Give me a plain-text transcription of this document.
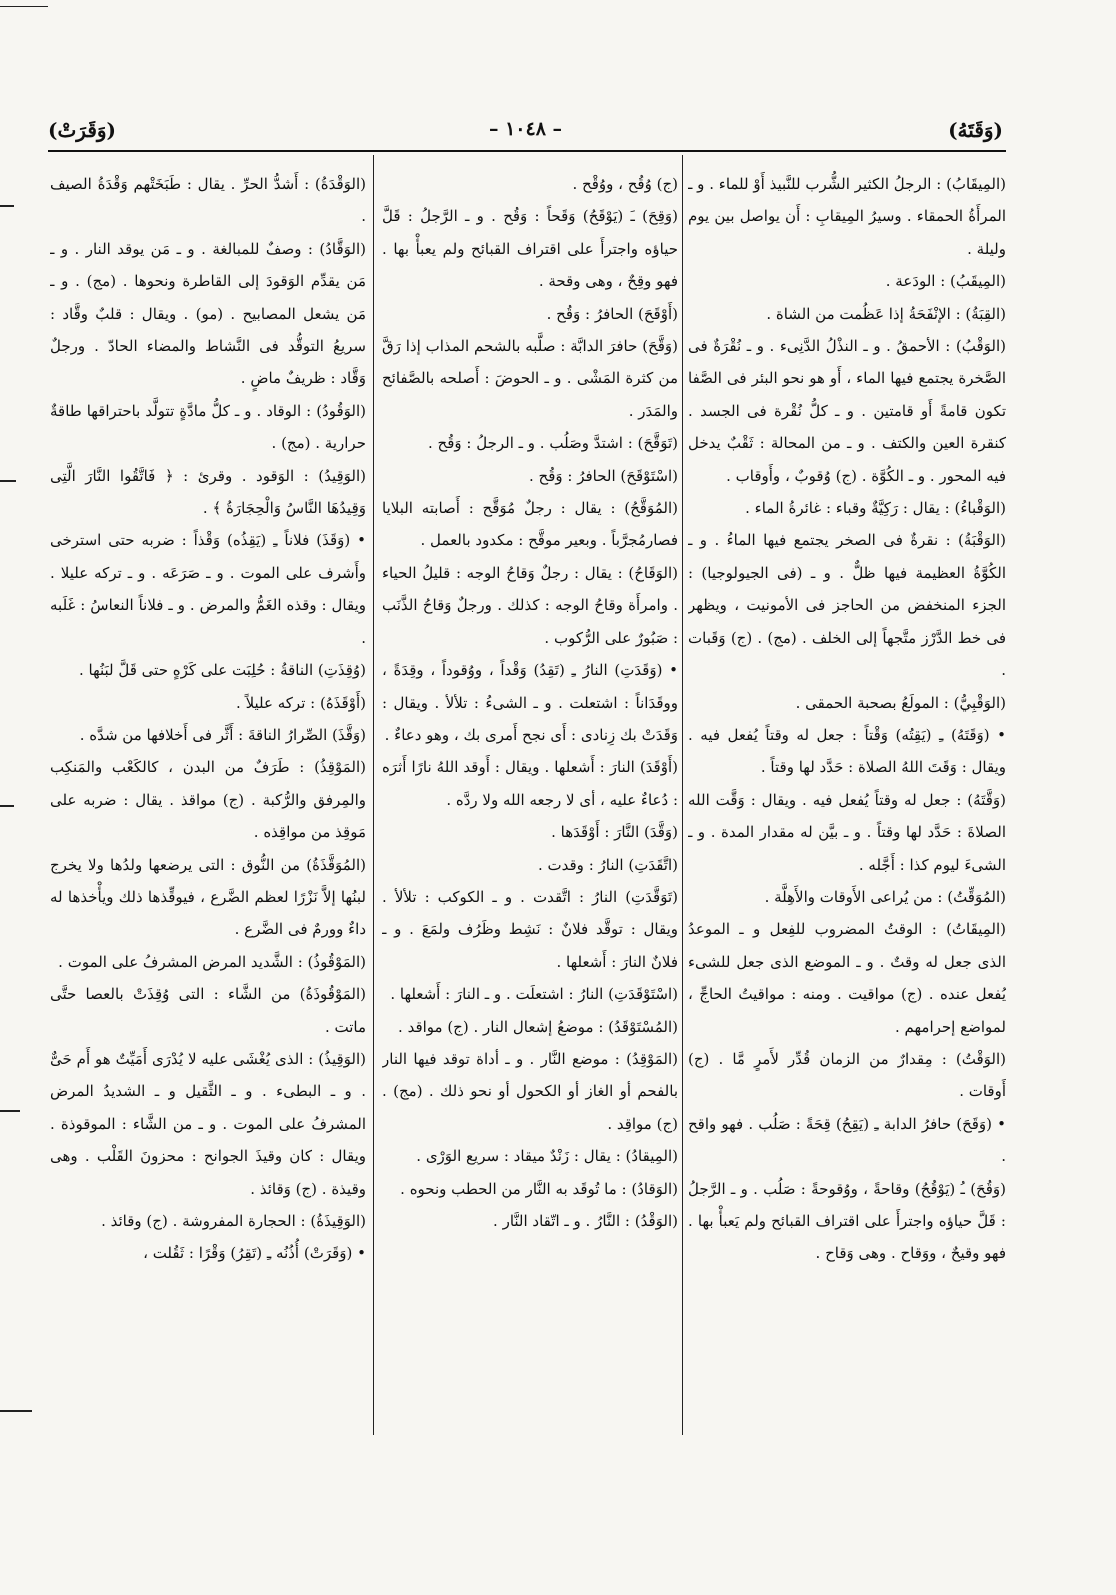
(وَقَتَهُ)
– ١٠٤٨ –
(وَقَرَتْ)

(المِيقَابُ) : الرجلُ الكثير الشُّرب للنَّبيذ أَوْ للماء . و ـ المرأَةُ الحمقاء . وسيرُ المِيقابِ : أَن يواصل بين يوم وليلة .

(المِيقَبُ) : الودَعة .

(القِبَةُ) : الإنْفَحَةُ إذا عَظُمت من الشاة .

(الوَقْبُ) : الأحمقُ . و ـ النذْلُ الدَّنِىء . و ـ نُقْرَةٌ فى الصَّخرة يجتمع فيها الماء ، أَو هو نحو البئر فى الصَّفا تكون قامةً أَو قامتين . و ـ كلُّ نُقْرة فى الجسد . كنقرة العين والكتف . و ـ من المحالة : ثَقْبٌ يدخل فيه المحور . و ـ الكُوَّة . (ج) وُقوبٌ ، وأَوقاب .

(الوَقْباءُ) : يقال : رَكِيَّةٌ وقباء : غائرةُ الماء .

(الوَقْبَةُ) : نقرةٌ فى الصخر يجتمع فيها الماءُ . و ـ الكُوَّةُ العظيمة فيها ظلٌّ . و ـ (فى الجيولوجيا) : الجزء المنخفض من الحاجز فى الأمونيت ، ويظهر فى خط الدَّرْز متَّجهاً إلى الخلف . (مج) . (ج) وَقَبات .

(الوَقْبِيُّ) : المولَعُ بصحبة الحمقى .

• (وَقَتَهُ) ـِ (يَقِتُه) وَقْتاً : جعل له وقتاً يُفعل فيه . ويقال : وَقَتَ اللهُ الصلاة : حَدَّد لها وقتاً .

(وَقَّتَهُ) : جعل له وقتاً يُفعل فيه . ويقال : وَقَّت الله الصلاةَ : حَدَّد لها وقتاً . و ـ بيَّن له مقدار المدة . و ـ الشىءَ ليوم كذا : أَجَّله .

(المُوَقِّتُ) : من يُراعى الأَوقات والأَهِلَّة .

(المِيقَاتُ) : الوقتُ المضروب للفِعل و ـ الموعدُ الذى جعل له وقتٌ . و ـ الموضع الذى جعل للشىء يُفعل عنده . (ج) مواقيت . ومنه : مواقيتُ الحاجِّ ، لمواضع إحرامهم .

(الوَقْتُ) : مِقدارٌ من الزمان قُدِّر لأَمرٍ مَّا . (ج) أَوقات .

• (وَقَحَ) حافرُ الدابة ـِ (يَقِحُ) قِحَةً : صَلُب . فهو واقح .

(وَقُحَ) ـُ (يَوْقُحُ) وقاحةً ، ووُقوحةً : صَلُب . و ـ الرَّجلُ : قَلَّ حياؤه واجترأَ على اقتراف القبائح ولم يَعبأْ بها . فهو وقيحٌ ، ووَقاح . وهى وَقاح .

(ج) وُقُح ، ووُقْح .

(وَقِحَ) ـَ (يَوْقَحُ) وَقَحاً : وَقُح . و ـ الرَّجلُ : قَلَّ حياؤه واجترأَ على اقتراف القبائح ولم يعبأْ بها . فهو وقِحٌ ، وهى وقحة .

(أَوْقَحَ) الحافرُ : وَقُح .

(وَقَّحَ) حافرَ الدابَّة : صلَّبه بالشحم المذاب إذا رَقَّ من كثرة المَشْى . و ـ الحوضَ : أَصلحه بالصَّفائح والمَدَر .

(تَوَقَّحَ) : اشتدَّ وصَلُب . و ـ الرجلُ : وَقُح .

(اسْتَوْقَحَ) الحافرُ : وَقُح .

(المُوَقَّحُ) : يقال : رجلٌ مُوَقَّح : أَصابته البلايا فصارمُجرَّباً . وبعير موقَّح : مكدود بالعمل .

(الوَقَاحُ) : يقال : رجلٌ وَقاحُ الوجه : قليلُ الحياء . وامرأَة وقاحُ الوجه : كذلك . ورجلٌ وَقاحُ الذَّنَب : صَبُورٌ على الرُّكوب .

• (وَقَدَتِ) النارُ ـِ (تَقِدُ) وَقْداً ، ووُقوداً ، وقِدَةً ، ووقَدَاناً : اشتعلت . و ـ الشىءُ : تلألأ . ويقال : وَقَدَتْ بك زِنادى : أَى نجح أَمرى بك ، وهو دعاءٌ .

(أَوْقَدَ) النارَ : أَشعلها . ويقال : أَوقد اللهُ نارًا أَثرَه : دُعاءٌ عليه ، أى لا رجعه الله ولا ردَّه .

(وَقَّدَ) النَّارَ : أَوْقَدَها .

(اتَّقَدَتِ) النارُ : وقدت .

(تَوَقَّدَتِ) النارُ : اتَّقدت . و ـ الكوكب : تلألأ . ويقال : توقَّد فلانٌ : نَشِط وظَرُف ولمَعَ . و ـ فلانٌ النارَ : أَشعلها .

(اسْتَوْقَدَتِ) النارُ : اشتعلَت . و ـ النارَ : أَشعلها .

(المُسْتَوْقَدُ) : موضعُ إشعال النار . (ج) مواقد .

(المَوْقِدُ) : موضع النَّار . و ـ أداة توقد فيها النار بالفحم أو الغاز أو الكحول أو نحو ذلك . (مج) . (ج) مواقِد .

(المِيقادُ) : يقال : زَنْدٌ ميقاد : سريع الوَرْى .

(الوَقادُ) : ما تُوقَد به النَّار من الحطب ونحوه .

(الوَقْدُ) : النَّارُ . و ـ اتّقاد النَّار .

(الوَقْدَةُ) : أَشدُّ الحرِّ . يقال : طَبَخَتْهم وَقْدَةُ الصيف .

(الوَقَّادُ) : وصفٌ للمبالغة . و ـ مَن يوقد النار . و ـ مَن يقدِّم الوَقودَ إلى القاطرة ونحوها . (مج) . و ـ مَن يشعل المصابيح . (مو) . ويقال : قلبٌ وقَّاد : سريعُ التوقُّد فى النَّشاط والمضاء الحادّ . ورجلٌ وَقَّاد : ظريفٌ ماضٍ .

(الوَقُودُ) : الوقاد . و ـ كلُّ مادَّةٍ تتولَّد باحتراقها طاقةٌ حرارية . (مج) .

(الوَقِيدُ) : الوَقود . وقرئ : ﴿ فَاتَّقُوا النَّارَ الَّتِى وَقِيدُهَا النَّاسُ وَالْحِجَارَةُ ﴾ .

• (وَقَذَ) فلاناً ـِ (يَقِذُه) وَقْذاً : ضربه حتى استرخى وأَشرف على الموت . و ـ صَرَعَه . و ـ تركه عليلا . ويقال : وقذه الغَمُّ والمرض . و ـ فلاناً النعاسُ : غَلَبه .

(وُقِذَتِ) الناقةُ : حُلِبَت على كَرْهٍ حتى قَلَّ لبَنُها .

(أَوْقَذَهُ) : تركه عليلاً .

(وَقَّذَ) الصِّرارُ الناقةَ : أَثَّر فى أَخلافها من شدَّه .

(المَوْقِذُ) : طَرَفٌ من البدن ، كالكَعْب والمَنكِب والمِرفق والرُّكبة . (ج) مواقذ . يقال : ضربه على مَوقِذ من مواقِذه .

(المُوَقَّذَةُ) من النُّوق : التى يرضعها ولدُها ولا يخرج لبنُها إلاَّ نَزْرًا لعظم الضَّرع ، فيوقِّذها ذلك ويأْخذها له داءٌ وورمٌ فى الضَّرع .

(المَوْقُوذُ) : الشَّديد المرض المشرفُ على الموت .

(المَوْقُوذَةُ) من الشَّاء : التى وُقِذَتْ بالعصا حتَّى ماتت .

(الوَقِيذُ) : الذى يُغْشَى عليه لا يُدْرَى أَمَيِّتٌ هو أَم حَىٌّ . و ـ البطىء . و ـ الثَّقيل و ـ الشديدُ المرض المشرفُ على الموت . و ـ من الشَّاء : الموقوذة . ويقال : كان وقيذَ الجوانح : محزونَ القَلْب . وهى وقيذة . (ج) وَقائذ .

(الوَقِيذَةُ) : الحجارة المفروشة . (ج) وقائذ .

• (وَقَرَتْ) أُذُنُه ـِ (تَقِرُ) وَقْرًا : ثَقُلت ،
